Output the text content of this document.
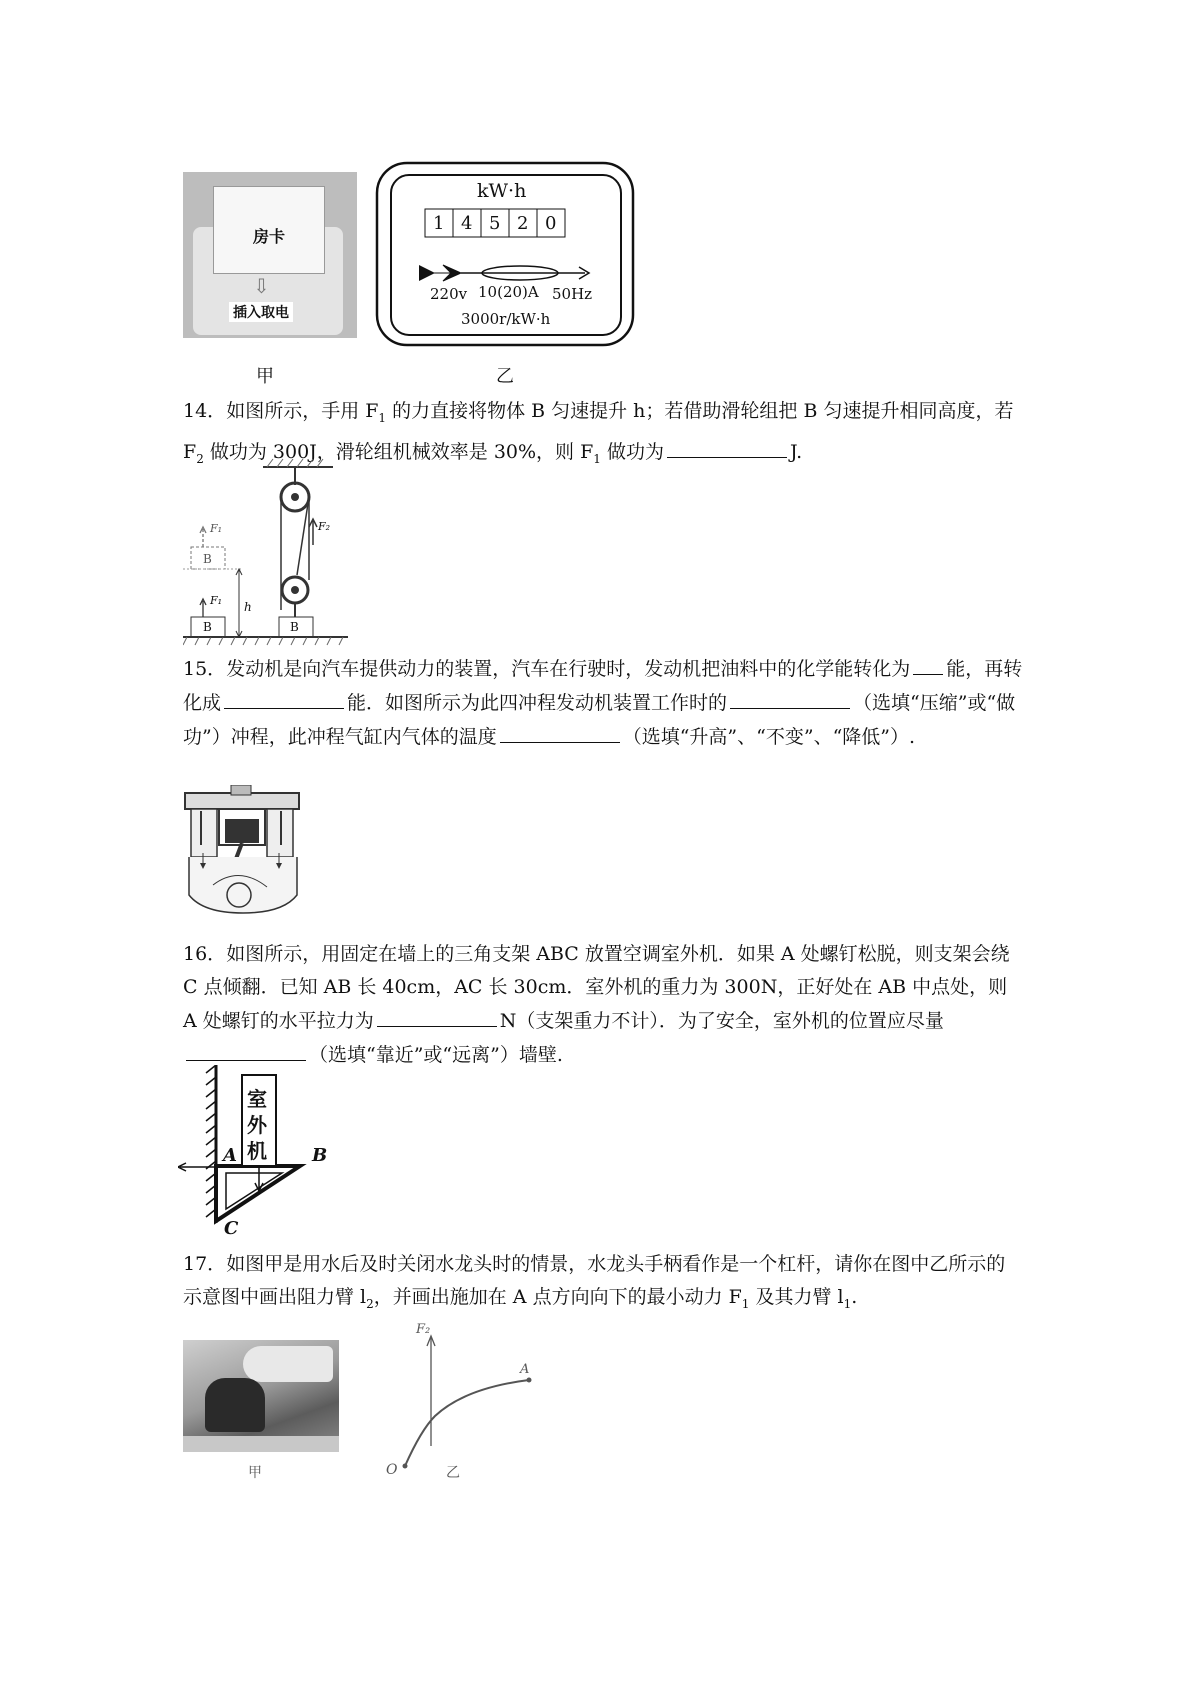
房卡
⇩
插入取电
甲
kW·h
1 4 5 2 0
220v 10(20)A 50Hz
3000r/kW·h
乙

14．如图所示，手用 $F_1$ 的力直接将物体 B 匀速提升 h；若借助滑轮组把 B 匀速提升相同高度，若 $F_2$ 做功为 300J，滑轮组机械效率是 30%，则 $F_1$ 做功为	J.

F₁
F₁
F₂
B
B	B
h

15．发动机是向汽车提供动力的装置，汽车在行驶时，发动机把油料中的化学能转化为 能，再转化成	能．如图所示为此四冲程发动机装置工作时的	（选填“压缩”或“做功”）冲程，此冲程气缸内气体的温度	（选填“升高”、“不变”、“降低”）.

16．如图所示，用固定在墙上的三角支架 ABC 放置空调室外机．如果 A 处螺钉松脱，则支架会绕 C 点倾翻．已知 AB 长 40cm，AC 长 30cm．室外机的重力为 300N，正好处在 AB 中点处，则 A 处螺钉的水平拉力为	N（支架重力不计）．为了安全，室外机的位置应尽量（选填“靠近”或“远离”）墙壁.

室
外
机
A	B
C

17．如图甲是用水后及时关闭水龙头时的情景，水龙头手柄看作是一个杠杆，请你在图中乙所示的示意图中画出阻力臂 $l_2$，并画出施加在 A 点方向向下的最小动力 $F_1$ 及其力臂 $l_1$.

甲
F₂
A
O	乙
